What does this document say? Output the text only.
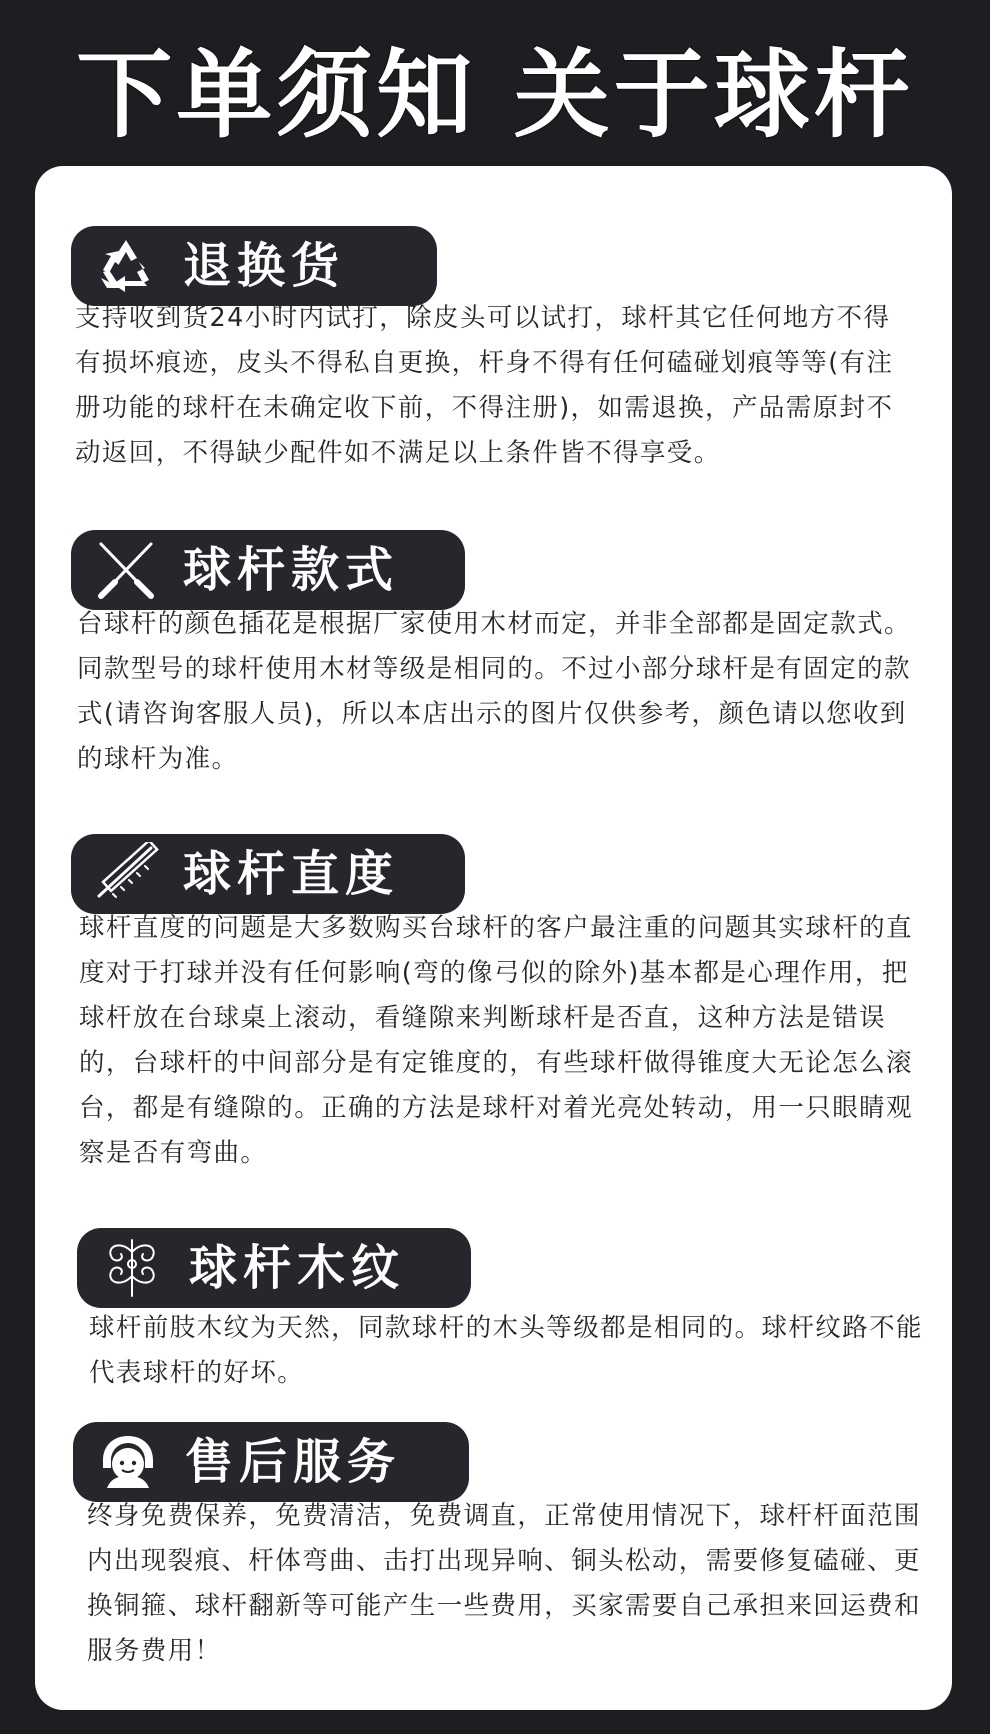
下单须知 关于球杆
退换货
支持收到货24小时内试打，除皮头可以试打，球杆其它任何地方不得有损坏痕迹，皮头不得私自更换，杆身不得有任何磕碰划痕等等(有注册功能的球杆在未确定收下前，不得注册)，如需退换，产品需原封不动返回，不得缺少配件如不满足以上条件皆不得享受。
球杆款式
台球杆的颜色插花是根据厂家使用木材而定，并非全部都是固定款式。同款型号的球杆使用木材等级是相同的。不过小部分球杆是有固定的款式(请咨询客服人员)，所以本店出示的图片仅供参考，颜色请以您收到的球杆为准。
球杆直度
球杆直度的问题是大多数购买台球杆的客户最注重的问题其实球杆的直度对于打球并没有任何影响(弯的像弓似的除外)基本都是心理作用，把球杆放在台球桌上滚动，看缝隙来判断球杆是否直，这种方法是错误的，台球杆的中间部分是有定锥度的，有些球杆做得锥度大无论怎么滚台，都是有缝隙的。正确的方法是球杆对着光亮处转动，用一只眼睛观察是否有弯曲。
球杆木纹
球杆前肢木纹为天然，同款球杆的木头等级都是相同的。球杆纹路不能代表球杆的好坏。
售后服务
终身免费保养，免费清洁，免费调直，正常使用情况下，球杆杆面范围内出现裂痕、杆体弯曲、击打出现异响、铜头松动，需要修复磕碰、更换铜箍、球杆翻新等可能产生一些费用，买家需要自己承担来回运费和服务费用！
